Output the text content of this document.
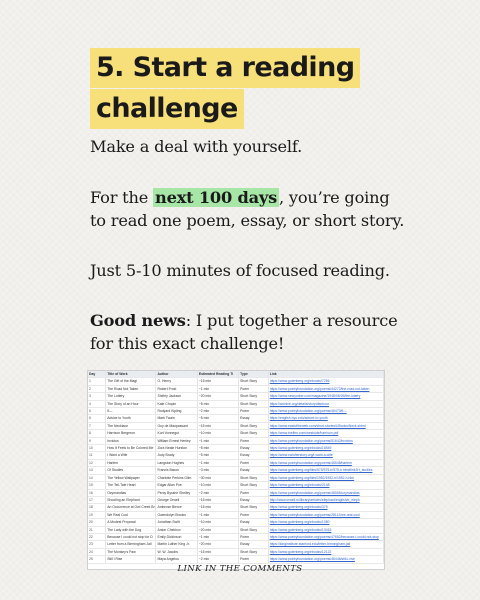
5. Start a reading
challenge
Make a deal with yourself.
For the next 100 days , you’re going to read one poem, essay, or short story.
Just 5-10 minutes of focused reading.
Good news: I put together a resource for this exact challenge!
Day	Title of Work	Author	Estimated Reading Ti	Type	Link
1	The Gift of the Magi	O. Henry	~15 min	Short Story	https://www.gutenberg.org/ebooks/7256
2	The Road Not Taken	Robert Frost	~1 min	Poem	https://www.poetryfoundation.org/poems/44272/the-road-not-taken
3	The Lottery	Shirley Jackson	~20 min	Short Story	https://www.newyorker.com/magazine/1948/06/26/the-lottery
4	The Story of an Hour	Kate Chopin	~5 min	Short Story	https://archive.org/details/storyofanhour
5	If—	Rudyard Kipling	~2 min	Poem	https://www.poetryfoundation.org/poems/46473/if---
6	Advice to Youth	Mark Twain	~5 min	Essay	https://english.byu.edu/advice-to-youth
7	The Necklace	Guy de Maupassant	~15 min	Short Story	https://www.eastoftheweb.com/short-stories/UBooks/Neck.shtml
8	Harrison Bergeron	Kurt Vonnegut	~10 min	Short Story	https://www.tnellen.com/westside/harrison.pdf
9	Invictus	William Ernest Henley	~1 min	Poem	https://www.poetryfoundation.org/poems/51642/invictus
10	How It Feels to Be Colored Me	Zora Neale Hurston	~5 min	Essay	https://www.gutenberg.org/ebooks/16549
11	I Want a Wife	Judy Brady	~5 min	Essay	https://www.cwluherstory.org/i-want-a-wife
12	Harlem	Langston Hughes	~1 min	Poem	https://www.poetryfoundation.org/poems/46548/harlem
13	Of Studies	Francis Bacon	~3 min	Essay	https://www.gutenberg.org/files/575/575-h/575-h.htm#link2H_studies
14	The Yellow Wallpaper	Charlotte Perkins Gilm	~30 min	Short Story	https://www.gutenberg.org/files/1952/1952-h/1952-h.htm
15	The Tell-Tale Heart	Edgar Allan Poe	~10 min	Short Story	https://www.gutenberg.org/ebooks/2148
16	Ozymandias	Percy Bysshe Shelley	~2 min	Poem	https://www.poetryfoundation.org/poems/46565/ozymandias
17	Shooting an Elephant	George Orwell	~15 min	Essay	http://www.orwell.ru/library/articles/elephant/english/e_eleph
18	An Occurrence at Owl Creek Br	Ambrose Bierce	~15 min	Short Story	https://www.gutenberg.org/ebooks/375
19	We Real Cool	Gwendolyn Brooks	~1 min	Poem	https://www.poetryfoundation.org/poems/28112/we-real-cool
20	A Modest Proposal	Jonathan Swift	~10 min	Essay	https://www.gutenberg.org/ebooks/1080
21	The Lady with the Dog	Anton Chekhov	~20 min	Short Story	https://www.gutenberg.org/ebooks/13415
22	Because I could not stop for D	Emily Dickinson	~1 min	Poem	https://www.poetryfoundation.org/poems/47652/because-i-could-not-stop
23	Letter from a Birmingham Jail	Martin Luther King Jr.	~20 min	Essay	https://kinginstitute.stanford.edu/letter-birmingham-jail
24	The Monkey's Paw	W. W. Jacobs	~15 min	Short Story	https://www.gutenberg.org/ebooks/12122
25	Still I Rise	Maya Angelou	~2 min	Poem	https://www.poetryfoundation.org/poems/46446/still-i-rise
LINK IN THE COMMENTS
